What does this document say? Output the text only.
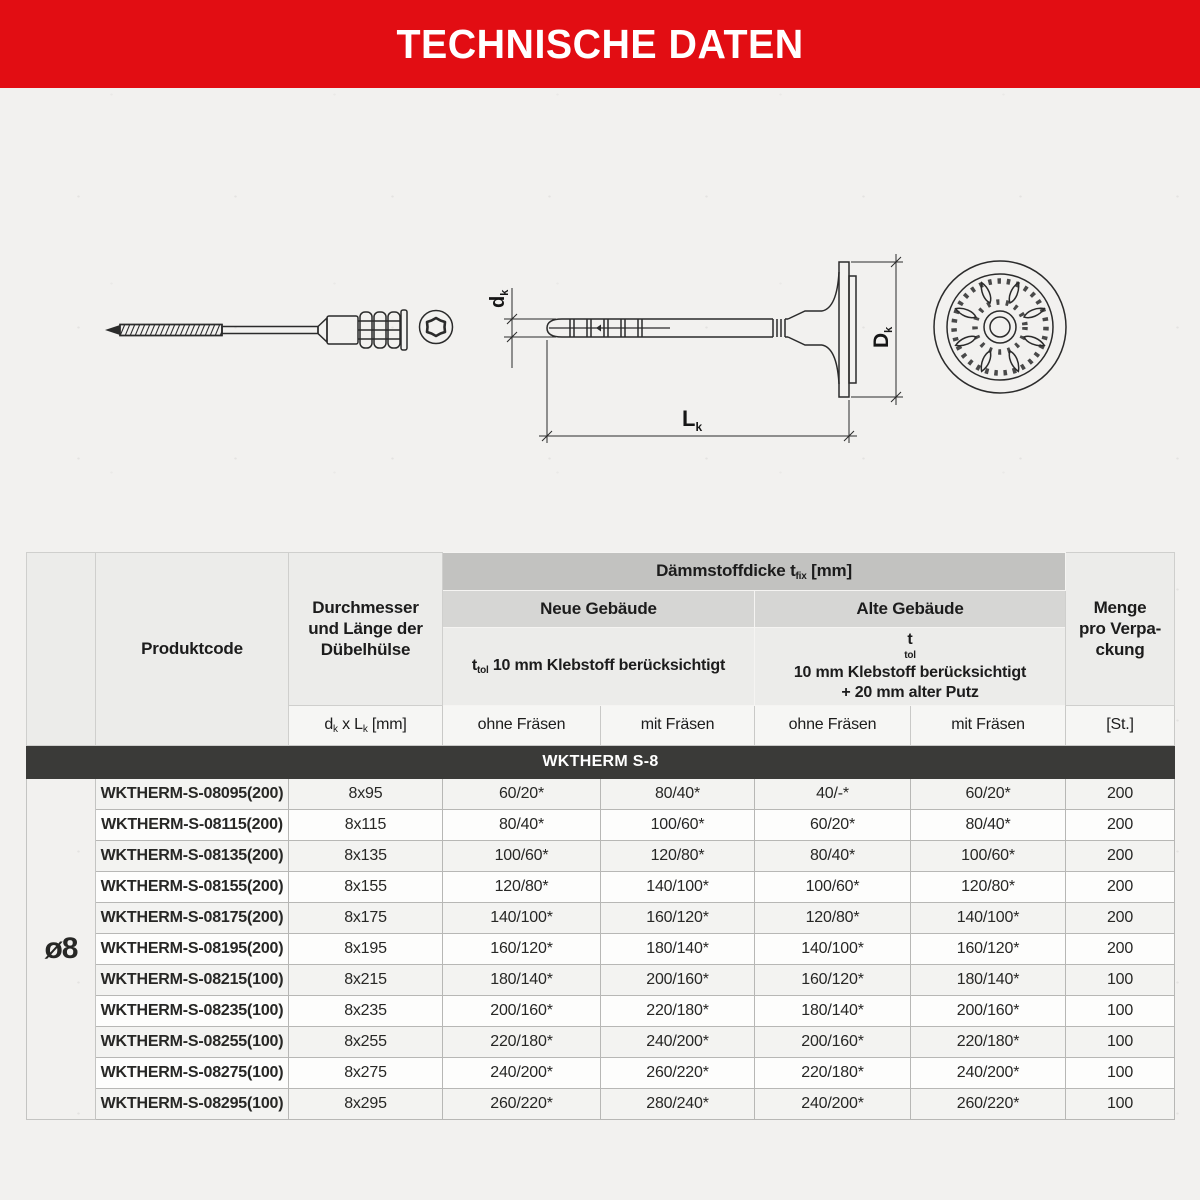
TECHNISCHE DATEN
$d_k$
Dk
$L_k$
	Produktcode	Durchmesser
und Länge der
Dübelhülse	Dämmstoffdicke $t_{fix}$ [mm]				Menge
pro Verpa-
ckung

			Neue Gebäude		Alte Gebäude		
			$t_{tol}$ 10 mm Klebstoff berücksichtigt		t
tol
10 mm Klebstoff berücksichtigt
+ 20 mm alter Putz		

		$d_k$ x $L_k$ [mm]	ohne Fräsen	mit Fräsen	ohne Fräsen	mit Fräsen	[St.]
WKTHERM S-8							
ø8	WKTHERM-S-08095(200)	8x95	60/20*	80/40*	40/-*	60/20*	200
	WKTHERM-S-08115(200)	8x115	80/40*	100/60*	60/20*	80/40*	200
	WKTHERM-S-08135(200)	8x135	100/60*	120/80*	80/40*	100/60*	200
	WKTHERM-S-08155(200)	8x155	120/80*	140/100*	100/60*	120/80*	200
	WKTHERM-S-08175(200)	8x175	140/100*	160/120*	120/80*	140/100*	200
	WKTHERM-S-08195(200)	8x195	160/120*	180/140*	140/100*	160/120*	200
	WKTHERM-S-08215(100)	8x215	180/140*	200/160*	160/120*	180/140*	100
	WKTHERM-S-08235(100)	8x235	200/160*	220/180*	180/140*	200/160*	100
	WKTHERM-S-08255(100)	8x255	220/180*	240/200*	200/160*	220/180*	100
	WKTHERM-S-08275(100)	8x275	240/200*	260/220*	220/180*	240/200*	100
	WKTHERM-S-08295(100)	8x295	260/220*	280/240*	240/200*	260/220*	100
